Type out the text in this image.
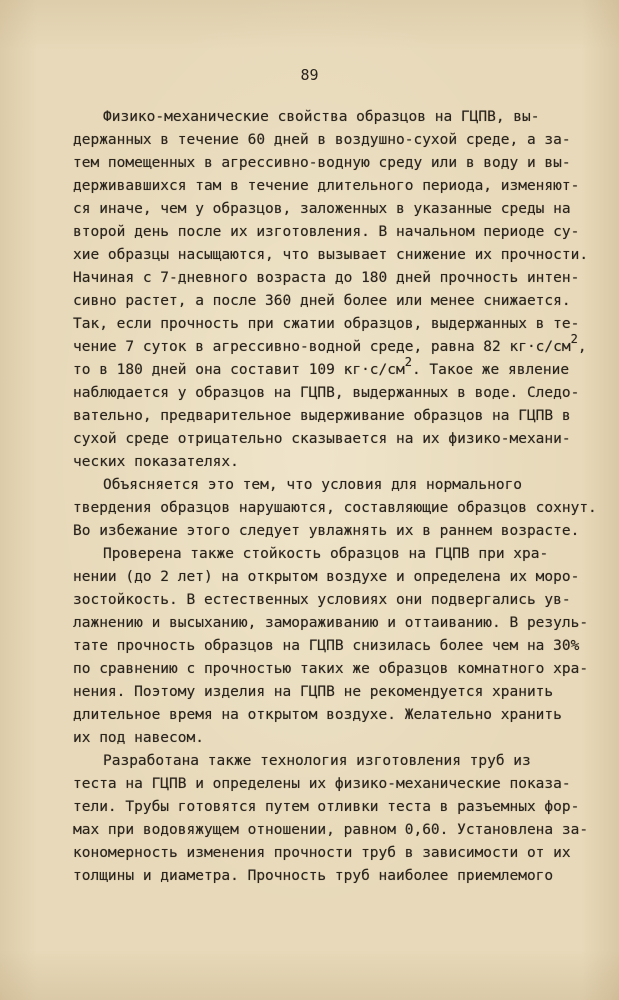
89
Физико-механические свойства образцов на ГЦПВ, вы-
держанных в течение 60 дней в воздушно-сухой среде, а за-
тем помещенных в агрессивно-водную среду или в воду и вы-
держивавшихся там в течение длительного периода, изменяют-
ся иначе, чем у образцов, заложенных в указанные среды на
второй день после их изготовления. В начальном периоде су-
хие образцы насыщаются, что вызывает снижение их прочности.
Начиная с 7-дневного возраста до 180 дней прочность интен-
сивно растет, а после 360 дней более или менее снижается.
Так, если прочность при сжатии образцов, выдержанных в те-
чение 7 суток в агрессивно-водной среде, равна 82 $кг\cdot с/см^2$,
то в 180 дней она составит 109 $кг\cdot с/см^2$. Такое же явление
наблюдается у образцов на ГЦПВ, выдержанных в воде. Следо-
вательно, предварительное выдерживание образцов на ГЦПВ в
сухой среде отрицательно сказывается на их физико-механи-
ческих показателях.
Объясняется это тем, что условия для нормального
твердения образцов нарушаются, составляющие образцов сохнут.
Во избежание этого следует увлажнять их в раннем возрасте.
Проверена также стойкость образцов на ГЦПВ при хра-
нении (до 2 лет) на открытом воздухе и определена их моро-
зостойкость. В естественных условиях они подвергались ув-
лажнению и высыханию, замораживанию и оттаиванию. В резуль-
тате прочность образцов на ГЦПВ снизилась более чем на 30%
по сравнению с прочностью таких же образцов комнатного хра-
нения. Поэтому изделия на ГЦПВ не рекомендуется хранить
длительное время на открытом воздухе. Желательно хранить
их под навесом.
Разработана также технология изготовления труб из
теста на ГЦПВ и определены их физико-механические показа-
тели. Трубы готовятся путем отливки теста в разъемных фор-
мах при водовяжущем отношении, равном 0,60. Установлена за-
кономерность изменения прочности труб в зависимости от их
толщины и диаметра. Прочность труб наиболее приемлемого
